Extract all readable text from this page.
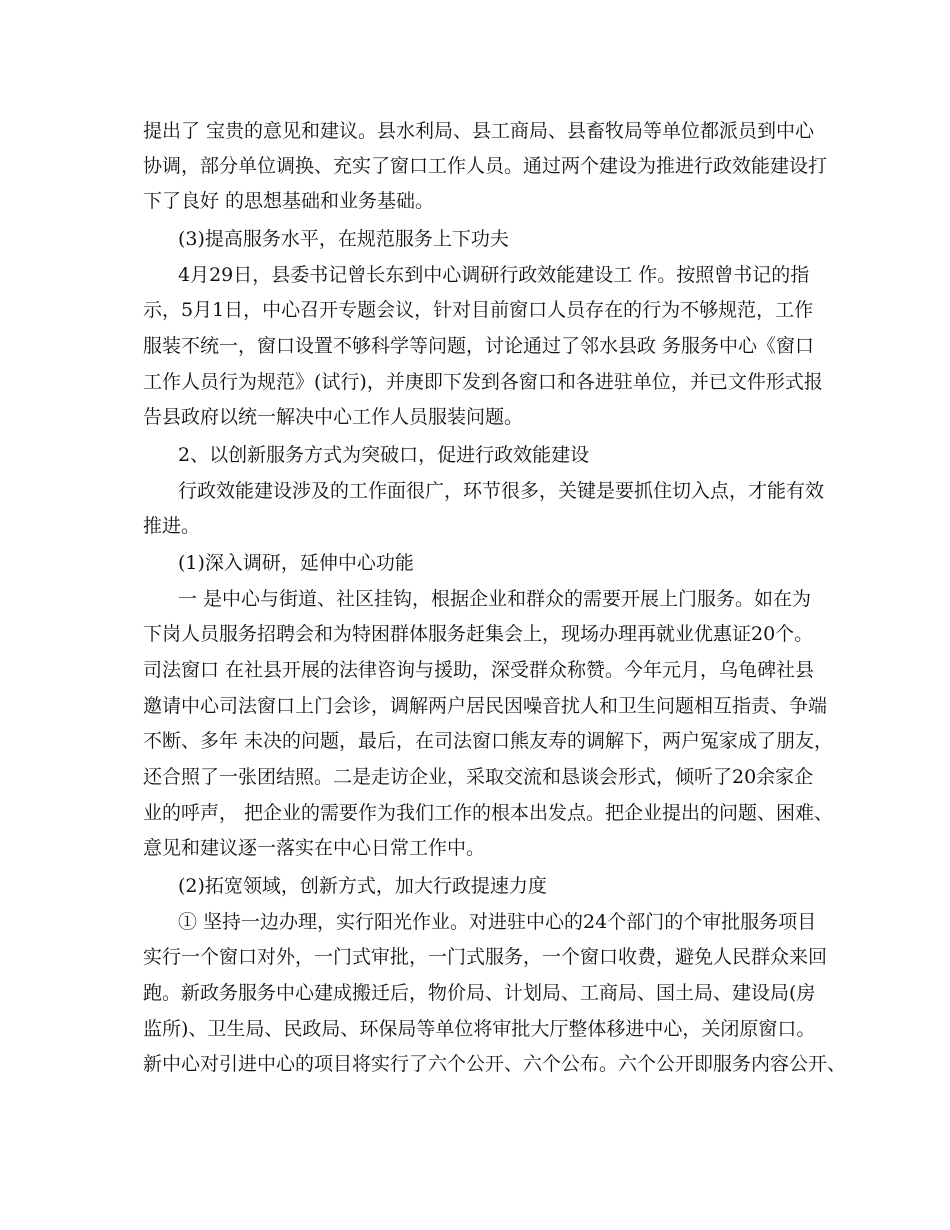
提出了 宝贵的意见和建议。县水利局、县工商局、县畜牧局等单位都派员到中心
协调，部分单位调换、充实了窗口工作人员。通过两个建设为推进行政效能建设打
下了良好 的思想基础和业务基础。
(3)提高服务水平，在规范服务上下功夫
4月29日，县委书记曾长东到中心调研行政效能建设工 作。按照曾书记的指
示，5月1日，中心召开专题会议，针对目前窗口人员存在的行为不够规范，工作
服装不统一，窗口设置不够科学等问题，讨论通过了邻水县政 务服务中心《窗口
工作人员行为规范》(试行)，并庚即下发到各窗口和各进驻单位，并已文件形式报
告县政府以统一解决中心工作人员服装问题。
2、以创新服务方式为突破口，促进行政效能建设
行政效能建设涉及的工作面很广，环节很多，关键是要抓住切入点，才能有效
推进。
(1)深入调研，延伸中心功能
一 是中心与街道、社区挂钩，根据企业和群众的需要开展上门服务。如在为
下岗人员服务招聘会和为特困群体服务赶集会上，现场办理再就业优惠证20个。
司法窗口 在社县开展的法律咨询与援助，深受群众称赞。今年元月，乌龟碑社县
邀请中心司法窗口上门会诊，调解两户居民因噪音扰人和卫生问题相互指责、争端
不断、多年 未决的问题，最后，在司法窗口熊友寿的调解下，两户冤家成了朋友，
还合照了一张团结照。二是走访企业，采取交流和恳谈会形式，倾听了20余家企
业的呼声， 把企业的需要作为我们工作的根本出发点。把企业提出的问题、困难、
意见和建议逐一落实在中心日常工作中。
(2)拓宽领域，创新方式，加大行政提速力度
① 坚持一边办理，实行阳光作业。对进驻中心的24个部门的个审批服务项目
实行一个窗口对外，一门式审批，一门式服务，一个窗口收费，避免人民群众来回
跑。新政务服务中心建成搬迁后，物价局、计划局、工商局、国土局、建设局(房
监所)、卫生局、民政局、环保局等单位将审批大厅整体移进中心，关闭原窗口。
新中心对引进中心的项目将实行了六个公开、六个公布。六个公开即服务内容公开、
